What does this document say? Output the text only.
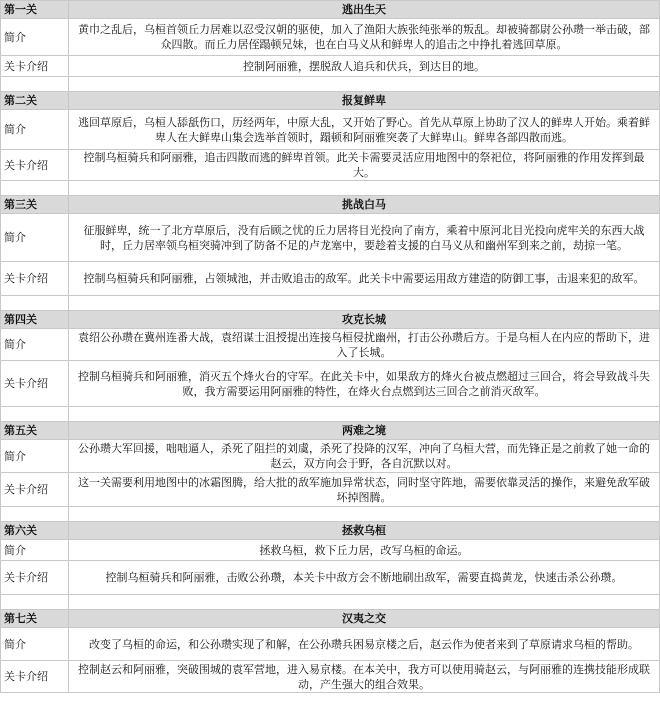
第一关	逃出生天
简介	黄巾之乱后，乌桓首领丘力居难以忍受汉朝的驱使，加入了渔阳大族张纯张举的叛乱。却被骑都尉公孙瓒一举击破，部众四散。而丘力居侄蹋顿兄妹，也在白马义从和鲜卑人的追击之中挣扎着逃回草原。
关卡介绍	控制阿丽雅，摆脱敌人追兵和伏兵，到达目的地。

第二关	报复鲜卑
简介	逃回草原后，乌桓人舔舐伤口，历经两年，中原大乱，又开始了野心。首先从草原上协助了汉人的鲜卑人开始。乘着鲜卑人在大鲜卑山集会选举首领时，蹋顿和阿丽雅突袭了大鲜卑山。鲜卑各部四散而逃。
关卡介绍	控制乌桓骑兵和阿丽雅，追击四散而逃的鲜卑首领。此关卡需要灵活应用地图中的祭祀位，将阿丽雅的作用发挥到最大。

第三关	挑战白马
简介	征服鲜卑，统一了北方草原后，没有后顾之忧的丘力居将目光投向了南方，乘着中原河北目光投向虎牢关的东西大战时，丘力居率领乌桓突骑冲到了防备不足的卢龙塞中，要趁着支援的白马义从和幽州军到来之前，劫掠一笔。
关卡介绍	控制乌桓骑兵和阿丽雅，占领城池，并击败追击的敌军。此关卡中需要运用敌方建造的防御工事，击退来犯的敌军。

第四关	攻克长城
简介	袁绍公孙瓒在冀州连番大战，袁绍谋士沮授提出连接乌桓侵扰幽州，打击公孙瓒后方。于是乌桓人在内应的帮助下，进入了长城。
关卡介绍	控制乌桓骑兵和阿丽雅，消灭五个烽火台的守军。在此关卡中，如果敌方的烽火台被点燃超过三回合，将会导致战斗失败，我方需要运用阿丽雅的特性，在烽火台点燃到达三回合之前消灭敌军。

第五关	两难之境
简介	公孙瓒大军回援，咄咄逼人，杀死了阻拦的刘虞，杀死了投降的汉军，冲向了乌桓大营，而先锋正是之前救了她一命的赵云，双方向会于野，各自沉默以对。
关卡介绍	这一关需要利用地图中的冰霜图腾，给大批的敌军施加异常状态，同时坚守阵地，需要依靠灵活的操作，来避免敌军破坏掉图腾。

第六关	拯救乌桓
简介	拯救乌桓，救下丘力居，改写乌桓的命运。
关卡介绍	控制乌桓骑兵和阿丽雅，击败公孙瓒，本关卡中敌方会不断地刷出敌军，需要直捣黄龙，快速击杀公孙瓒。

第七关	汉夷之交
简介	改变了乌桓的命运，和公孙瓒实现了和解，在公孙瓒兵困易京楼之后，赵云作为使者来到了草原请求乌桓的帮助。
关卡介绍	控制赵云和阿丽雅，突破围城的袁军营地，进入易京楼。在本关中，我方可以使用骑赵云，与阿丽雅的连携技能形成联动，产生强大的组合效果。
